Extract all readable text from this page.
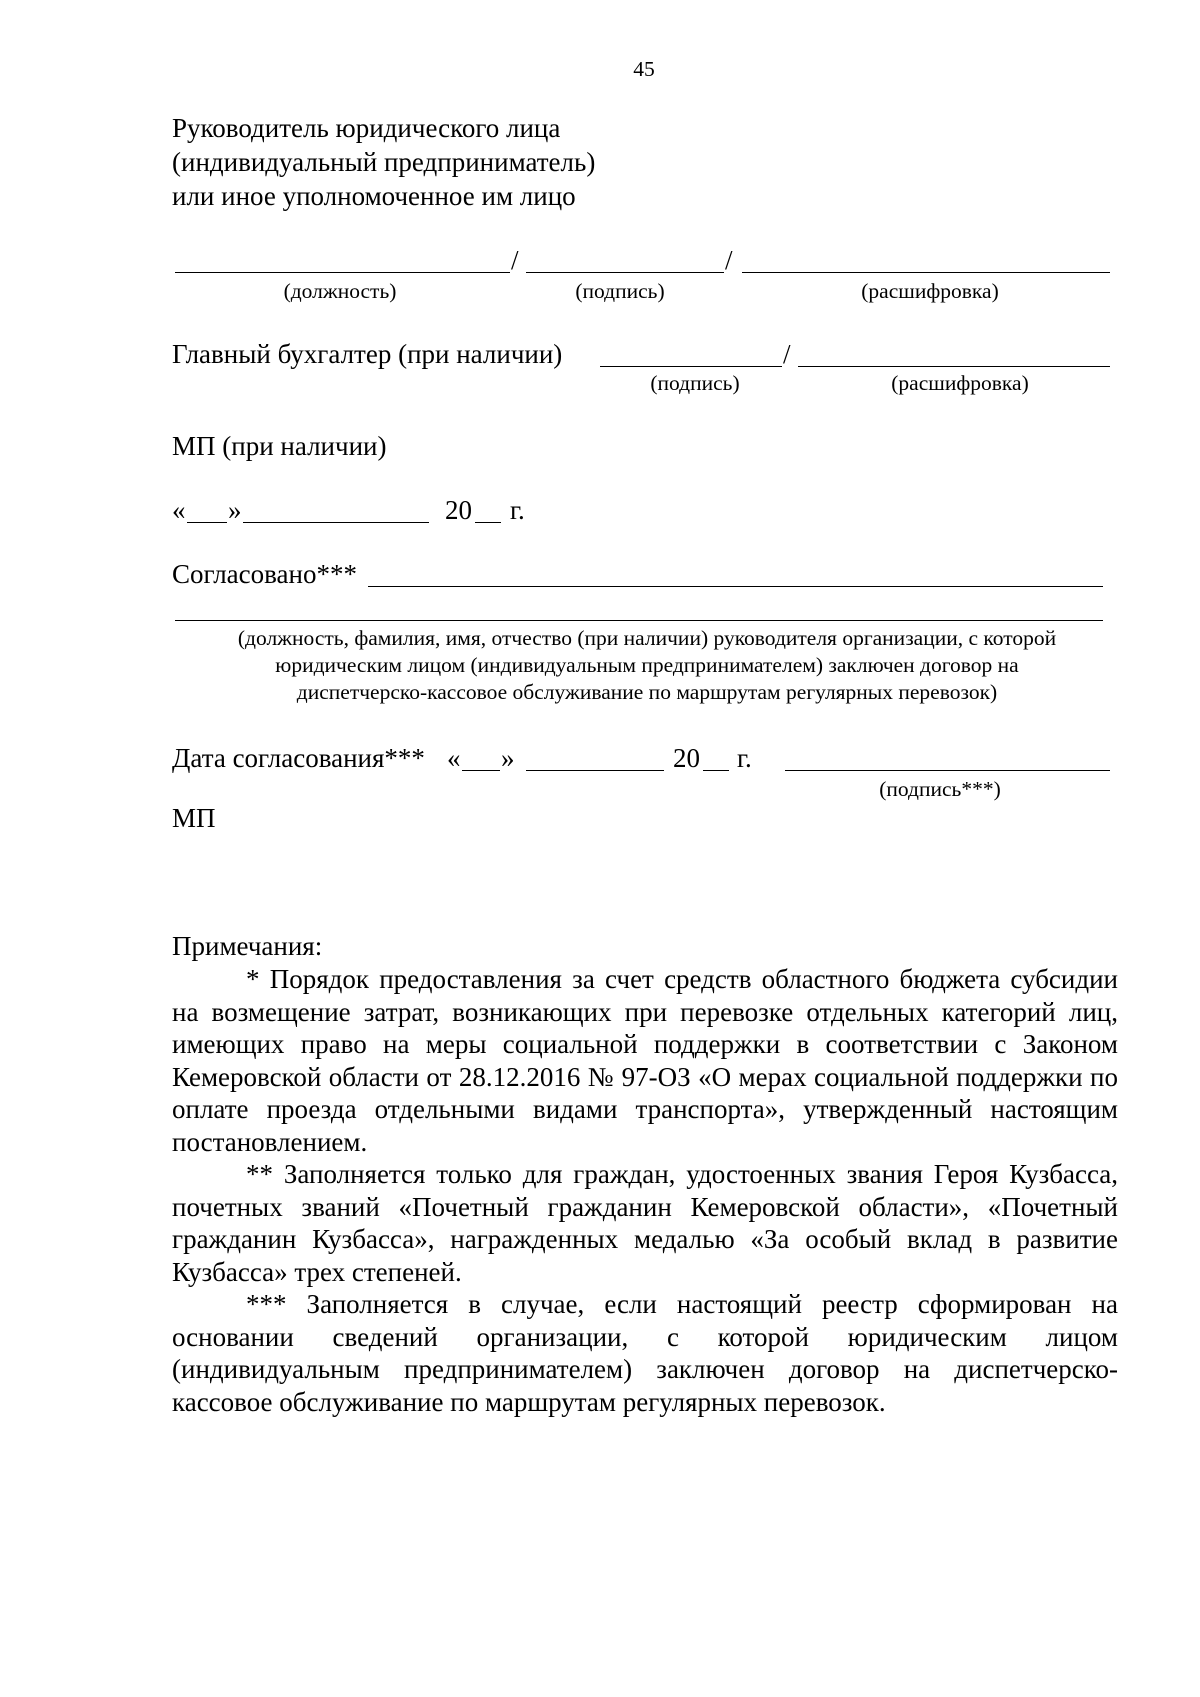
45
Руководитель юридического лица
(индивидуальный предприниматель)
или иное уполномоченное им лицо
/	/
(должность)	(подпись)	(расшифровка)
Главный бухгалтер (при наличии)	/
(подпись)	(расшифровка)
МП (при наличии)
« »	20 г.
Согласовано***
(должность, фамилия, имя, отчество (при наличии) руководителя организации, с которой
юридическим лицом (индивидуальным предпринимателем) заключен договор на
диспетчерско-кассовое обслуживание по маршрутам регулярных перевозок)
Дата согласования*** « »	20 г.
(подпись***)
МП
Примечания:

* Порядок предоставления за счет средств областного бюджета субсидии на возмещение затрат, возникающих при перевозке отдельных категорий лиц, имеющих право на меры социальной поддержки в соответствии с Законом Кемеровской области от 28.12.2016 № 97-ОЗ «О мерах социальной поддержки по оплате проезда отдельными видами транспорта», утвержденный настоящим постановлением.

** Заполняется только для граждан, удостоенных звания Героя Кузбасса, почетных званий «Почетный гражданин Кемеровской области», «Почетный гражданин Кузбасса», награжденных медалью «За особый вклад в развитие Кузбасса» трех степеней.

*** Заполняется в случае, если настоящий реестр сформирован на основании сведений организации, с которой юридическим лицом (индивидуальным предпринимателем) заключен договор на диспетчерско-кассовое обслуживание по маршрутам регулярных перевозок.
